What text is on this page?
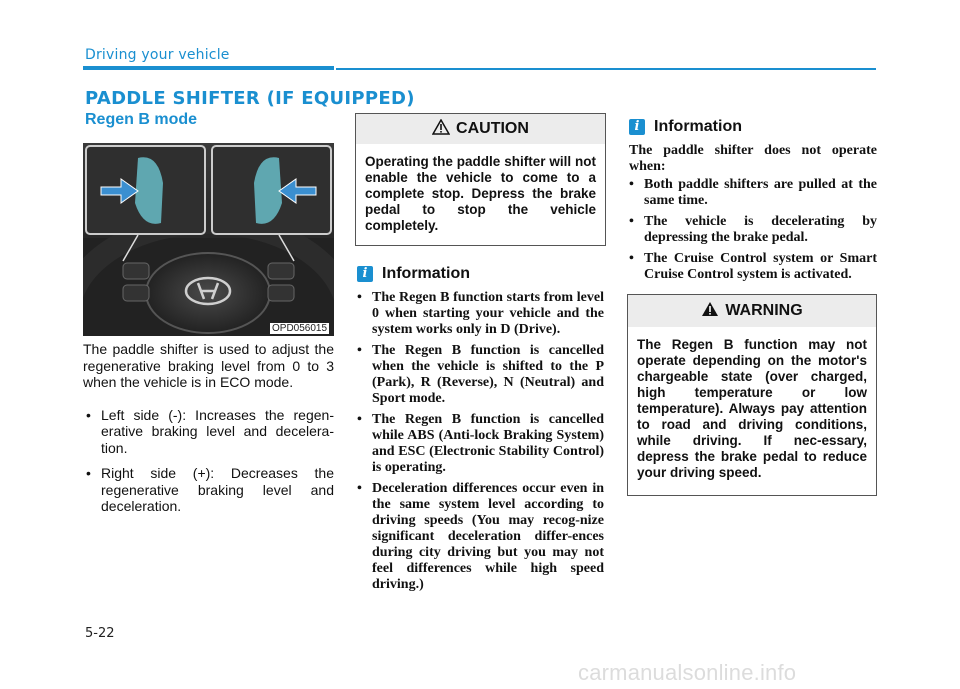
Driving your vehicle
PADDLE SHIFTER (IF EQUIPPED)
Regen B mode
OPD056015

The paddle shifter is used to adjust the regenerative braking level from 0 to 3 when the vehicle is in ECO mode.

• Left side (-): Increases the regen-erative braking level and decelera-tion.
• Right side (+): Decreases the regenerative braking level and deceleration.
CAUTION
Operating the paddle shifter will not enable the vehicle to come to a complete stop. Depress the brake pedal to stop the vehicle completely.
i Information
• The Regen B function starts from level 0 when starting your vehicle and the system works only in D (Drive).
• The Regen B function is cancelled when the vehicle is shifted to the P (Park), R (Reverse), N (Neutral) and Sport mode.
• The Regen B function is cancelled while ABS (Anti-lock Braking System) and ESC (Electronic Stability Control) is operating.
• Deceleration differences occur even in the same system level according to driving speeds (You may recog-nize significant deceleration differ-ences during city driving but you may not feel differences while high speed driving.)
i Information

The paddle shifter does not operate when:

• Both paddle shifters are pulled at the same time.
• The vehicle is decelerating by depressing the brake pedal.
• The Cruise Control system or Smart Cruise Control system is activated.
WARNING
The Regen B function may not operate depending on the motor's chargeable state (over charged, high temperature or low temperature). Always pay attention to road and driving conditions, while driving. If nec-essary, depress the brake pedal to reduce your driving speed.
5-22
carmanualsonline.info
